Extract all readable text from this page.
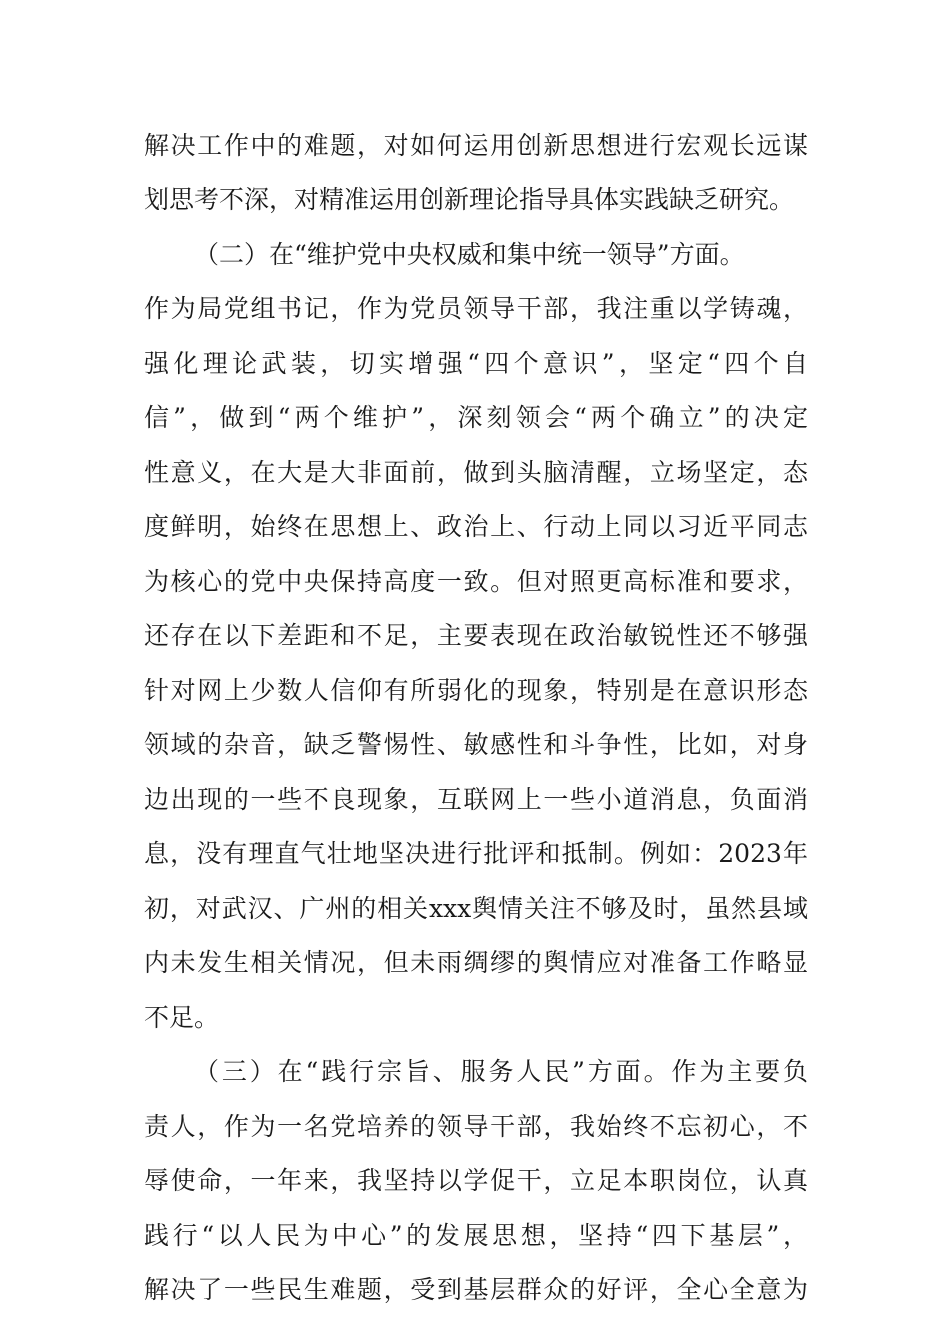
解决工作中的难题，对如何运用创新思想进行宏观长远谋
划思考不深，对精准运用创新理论指导具体实践缺乏研究。
（二）在“维护党中央权威和集中统一领导”方面。
作为局党组书记，作为党员领导干部，我注重以学铸魂，
强化理论武装，切实增强“四个意识”，坚定“四个自
信”，做到“两个维护”，深刻领会“两个确立”的决定
性意义，在大是大非面前，做到头脑清醒，立场坚定，态
度鲜明，始终在思想上、政治上、行动上同以习近平同志
为核心的党中央保持高度一致。但对照更高标准和要求，
还存在以下差距和不足，主要表现在政治敏锐性还不够强
针对网上少数人信仰有所弱化的现象，特别是在意识形态
领域的杂音，缺乏警惕性、敏感性和斗争性，比如，对身
边出现的一些不良现象，互联网上一些小道消息，负面消
息，没有理直气壮地坚决进行批评和抵制。例如：2023年
初，对武汉、广州的相关xxx舆情关注不够及时，虽然县域
内未发生相关情况，但未雨绸缪的舆情应对准备工作略显
不足。
（三）在“践行宗旨、服务人民”方面。作为主要负
责人，作为一名党培养的领导干部，我始终不忘初心，不
辱使命，一年来，我坚持以学促干，立足本职岗位，认真
践行“以人民为中心”的发展思想，坚持“四下基层”，
解决了一些民生难题，受到基层群众的好评，全心全意为
